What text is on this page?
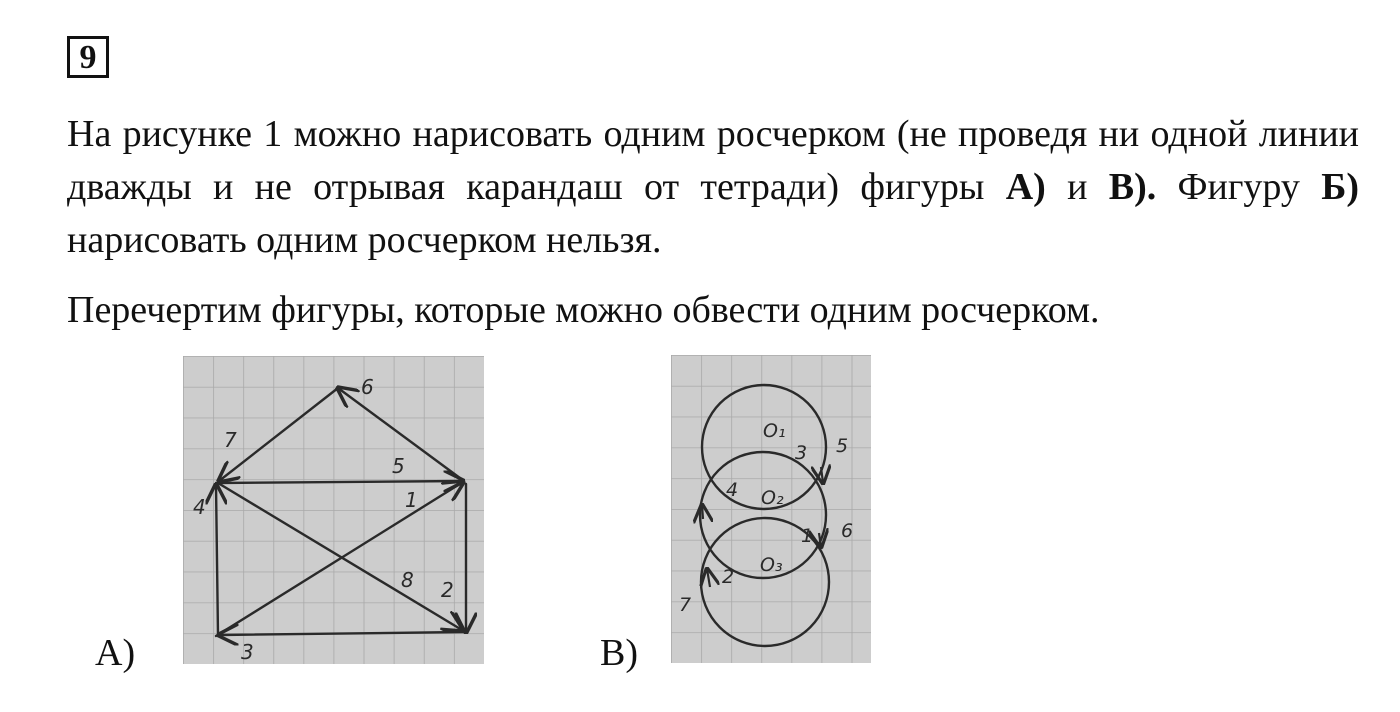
9

На рисунке 1 можно нарисовать одним росчерком (не проведя ни одной линии дважды и не отрывая карандаш от тетради) фигуры А) и В). Фигуру Б) нарисовать одним росчерком нельзя.

Перечертим фигуры, которые можно обвести одним росчерком.

А)	В)
1
2
3
4
5
6
7
8
O₁
O₂
O₃
1
2
3
4
5
6
7
